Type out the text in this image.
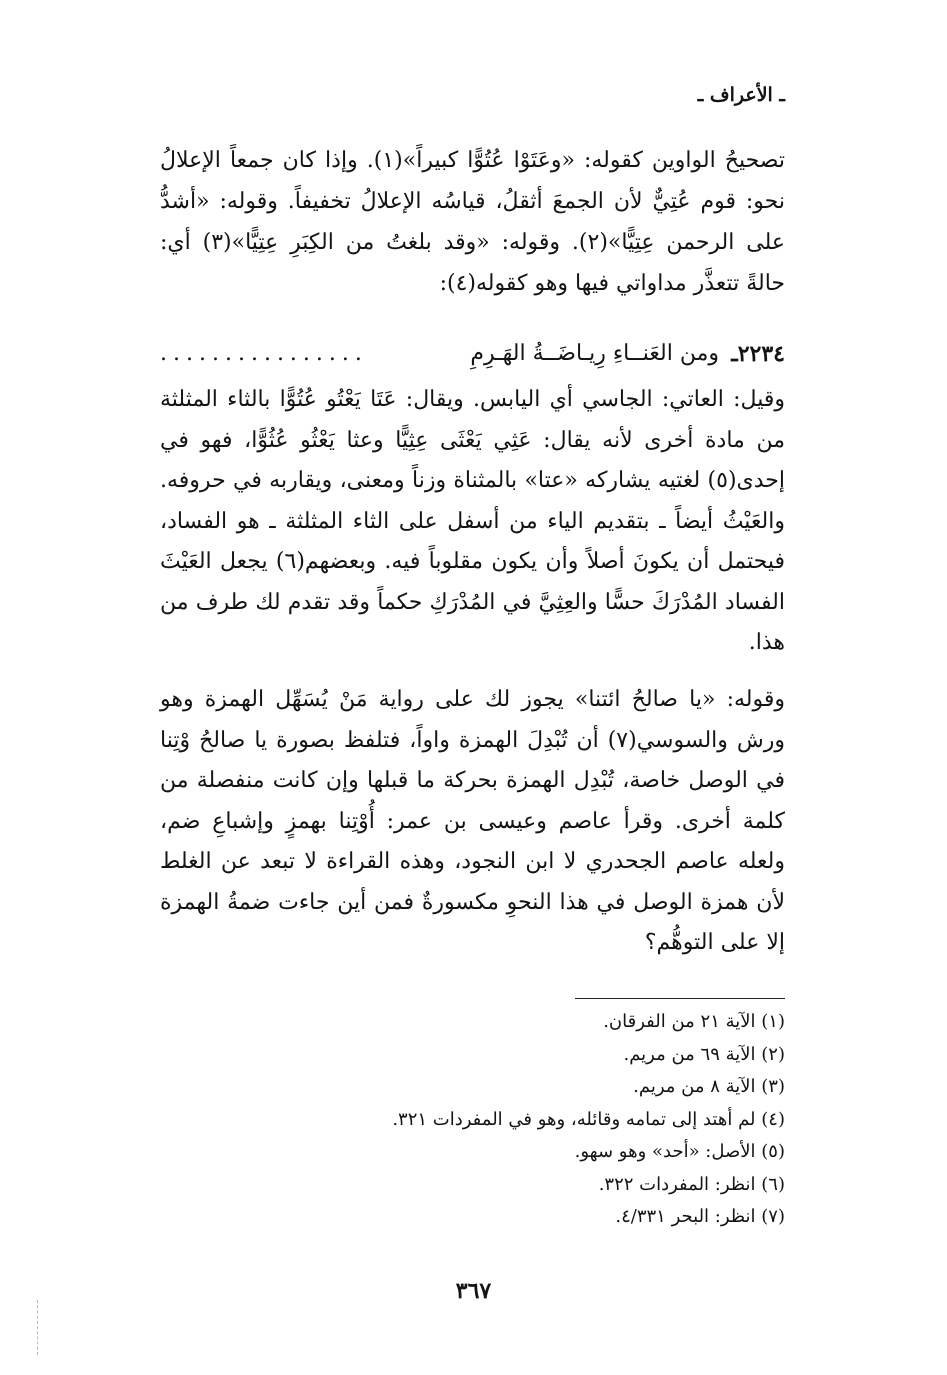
ـ الأعراف ـ

تصحيحُ الواوين كقوله: «وعَتَوْا عُتُوًّا كبيراً»(١). وإذا كان جمعاً الإعلالُ نحو: قوم عُتِيٌّ لأن الجمعَ أثقلُ، قياسُه الإعلالُ تخفيفاً. وقوله: «أشدُّ على الرحمن عِتِيًّا»(٢). وقوله: «وقد بلغتُ من الكِبَرِ عِتِيًّا»(٣) أي: حالةً تتعذَّر مداواتي فيها وهو كقوله(٤):

٢٢٣٤ـ
ومن العَنــاءِ رِيـاضَــةُ الهَـرِمِ
................

وقيل: العاتي: الجاسي أي اليابس. ويقال: عَتَا يَعْتُو عُتُوًّا بالثاء المثلثة من مادة أخرى لأنه يقال: عَثِي يَعْثَى عِثِيًّا وعثا يَعْثُو عُثُوًّا، فهو في إحدى(٥) لغتيه يشاركه «عتا» بالمثناة وزناً ومعنى، ويقاربه في حروفه. والعَيْثُ أيضاً ـ بتقديم الياء من أسفل على الثاء المثلثة ـ هو الفساد، فيحتمل أن يكونَ أصلاً وأن يكون مقلوباً فيه. وبعضهم(٦) يجعل العَيْثَ الفساد المُدْرَكَ حسًّا والعِثِيَّ في المُدْرَكِ حكماً وقد تقدم لك طرف من هذا.

وقوله: «يا صالحُ ائتنا» يجوز لك على رواية مَنْ يُسَهِّل الهمزة وهو ورش والسوسي(٧) أن تُبْدِلَ الهمزة واواً، فتلفظ بصورة يا صالحُ وْتِنا في الوصل خاصة، تُبْدِل الهمزة بحركة ما قبلها وإن كانت منفصلة من كلمة أخرى. وقرأ عاصم وعيسى بن عمر: أُوْتِنا بهمزٍ وإشباعِ ضم، ولعله عاصم الجحدري لا ابن النجود، وهذه القراءة لا تبعد عن الغلط لأن همزة الوصل في هذا النحوِ مكسورةٌ فمن أين جاءت ضمةُ الهمزة إلا على التوهُّم؟

(١) الآية ٢١ من الفرقان.
(٢) الآية ٦٩ من مريم.
(٣) الآية ٨ من مريم.
(٤) لم أهتد إلى تمامه وقائله، وهو في المفردات ٣٢١.
(٥) الأصل: «أحد» وهو سهو.
(٦) انظر: المفردات ٣٢٢.
(٧) انظر: البحر ٤/٣٣١.
٣٦٧
